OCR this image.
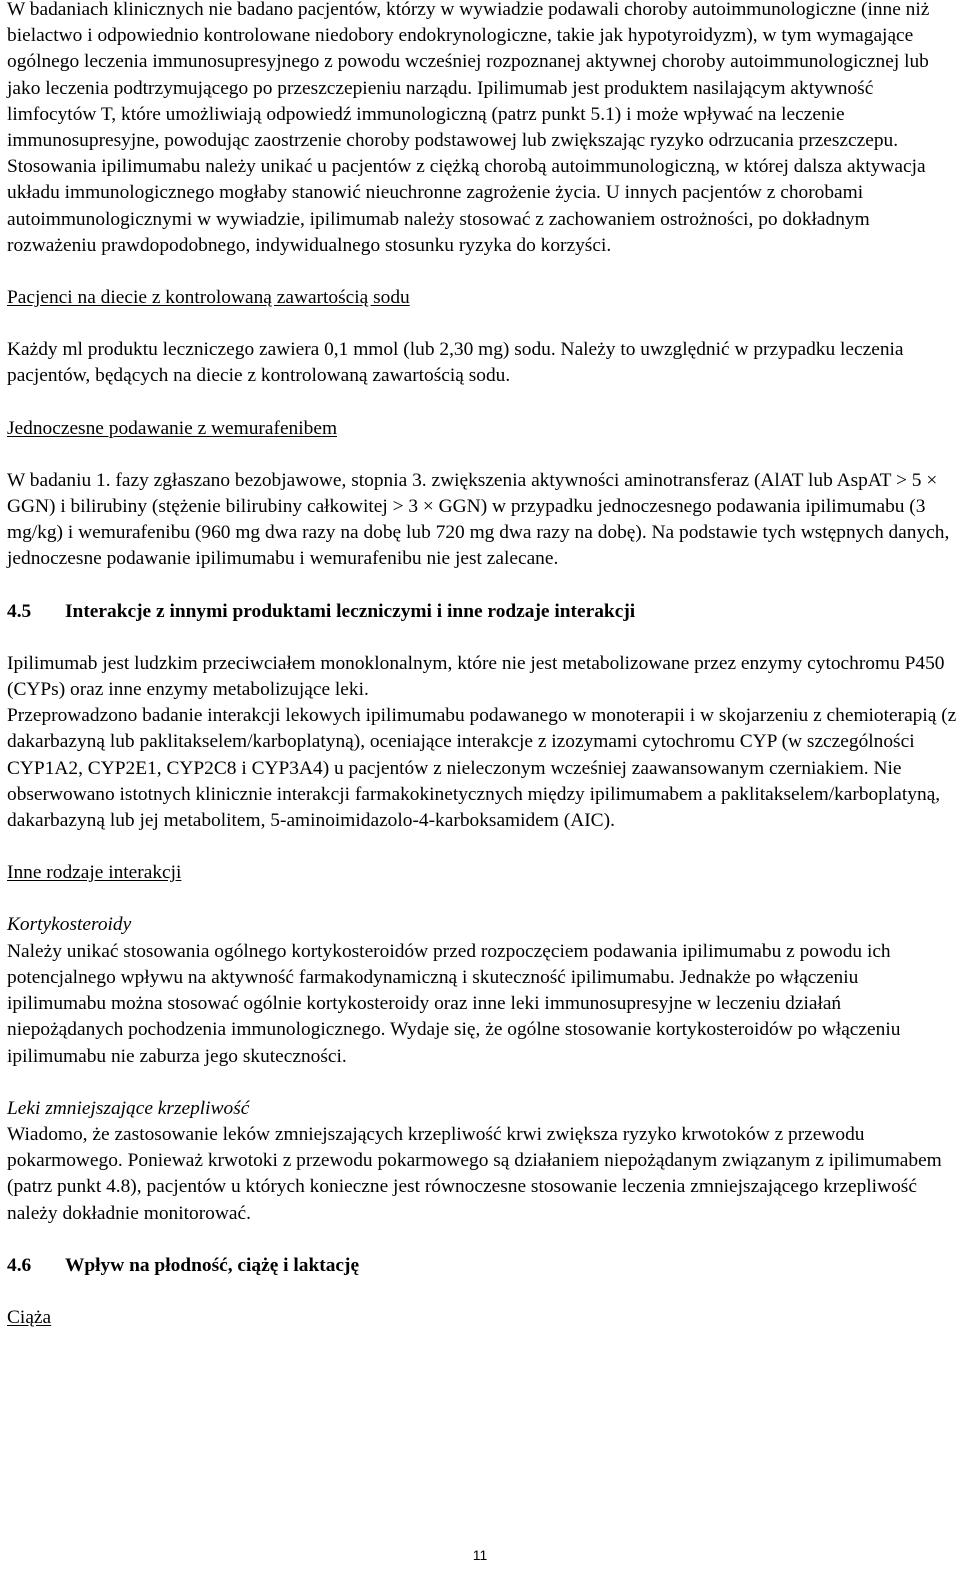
W badaniach klinicznych nie badano pacjentów, którzy w wywiadzie podawali choroby autoimmunologiczne (inne niż bielactwo i odpowiednio kontrolowane niedobory endokrynologiczne, takie jak hypotyroidyzm), w tym wymagające ogólnego leczenia immunosupresyjnego z powodu wcześniej rozpoznanej aktywnej choroby autoimmunologicznej lub jako leczenia podtrzymującego po przeszczepieniu narządu. Ipilimumab jest produktem nasilającym aktywność limfocytów T, które umożliwiają odpowiedź immunologiczną (patrz punkt 5.1) i może wpływać na leczenie immunosupresyjne, powodując zaostrzenie choroby podstawowej lub zwiększając ryzyko odrzucania przeszczepu. Stosowania ipilimumabu należy unikać u pacjentów z ciężką chorobą autoimmunologiczną, w której dalsza aktywacja układu immunologicznego mogłaby stanowić nieuchronne zagrożenie życia. U innych pacjentów z chorobami autoimmunologicznymi w wywiadzie, ipilimumab należy stosować z zachowaniem ostrożności, po dokładnym rozważeniu prawdopodobnego, indywidualnego stosunku ryzyka do korzyści.

Pacjenci na diecie z kontrolowaną zawartością sodu

Każdy ml produktu leczniczego zawiera 0,1 mmol (lub 2,30 mg) sodu. Należy to uwzględnić w przypadku leczenia pacjentów, będących na diecie z kontrolowaną zawartością sodu.

Jednoczesne podawanie z wemurafenibem

W badaniu 1. fazy zgłaszano bezobjawowe, stopnia 3. zwiększenia aktywności aminotransferaz (AlAT lub AspAT > 5 × GGN) i bilirubiny (stężenie bilirubiny całkowitej > 3 × GGN) w przypadku jednoczesnego podawania ipilimumabu (3 mg/kg) i wemurafenibu (960 mg dwa razy na dobę lub 720 mg dwa razy na dobę). Na podstawie tych wstępnych danych, jednoczesne podawanie ipilimumabu i wemurafenibu nie jest zalecane.

4.5	Interakcje z innymi produktami leczniczymi i inne rodzaje interakcji

Ipilimumab jest ludzkim przeciwciałem monoklonalnym, które nie jest metabolizowane przez enzymy cytochromu P450 (CYPs) oraz inne enzymy metabolizujące leki.

Przeprowadzono badanie interakcji lekowych ipilimumabu podawanego w monoterapii i w skojarzeniu z chemioterapią (z dakarbazyną lub paklitakselem/karboplatyną), oceniające interakcje z izozymami cytochromu CYP (w szczególności CYP1A2, CYP2E1, CYP2C8 i CYP3A4) u pacjentów z nieleczonym wcześniej zaawansowanym czerniakiem. Nie obserwowano istotnych klinicznie interakcji farmakokinetycznych między ipilimumabem a paklitakselem/karboplatyną, dakarbazyną lub jej metabolitem, 5-aminoimidazolo-4-karboksamidem (AIC).

Inne rodzaje interakcji

Kortykosteroidy

Należy unikać stosowania ogólnego kortykosteroidów przed rozpoczęciem podawania ipilimumabu z powodu ich potencjalnego wpływu na aktywność farmakodynamiczną i skuteczność ipilimumabu. Jednakże po włączeniu ipilimumabu można stosować ogólnie kortykosteroidy oraz inne leki immunosupresyjne w leczeniu działań niepożądanych pochodzenia immunologicznego. Wydaje się, że ogólne stosowanie kortykosteroidów po włączeniu ipilimumabu nie zaburza jego skuteczności.

Leki zmniejszające krzepliwość

Wiadomo, że zastosowanie leków zmniejszających krzepliwość krwi zwiększa ryzyko krwotoków z przewodu pokarmowego. Ponieważ krwotoki z przewodu pokarmowego są działaniem niepożądanym związanym z ipilimumabem (patrz punkt 4.8), pacjentów u których konieczne jest równoczesne stosowanie leczenia zmniejszającego krzepliwość należy dokładnie monitorować.

4.6	Wpływ na płodność, ciążę i laktację

Ciąża

11
